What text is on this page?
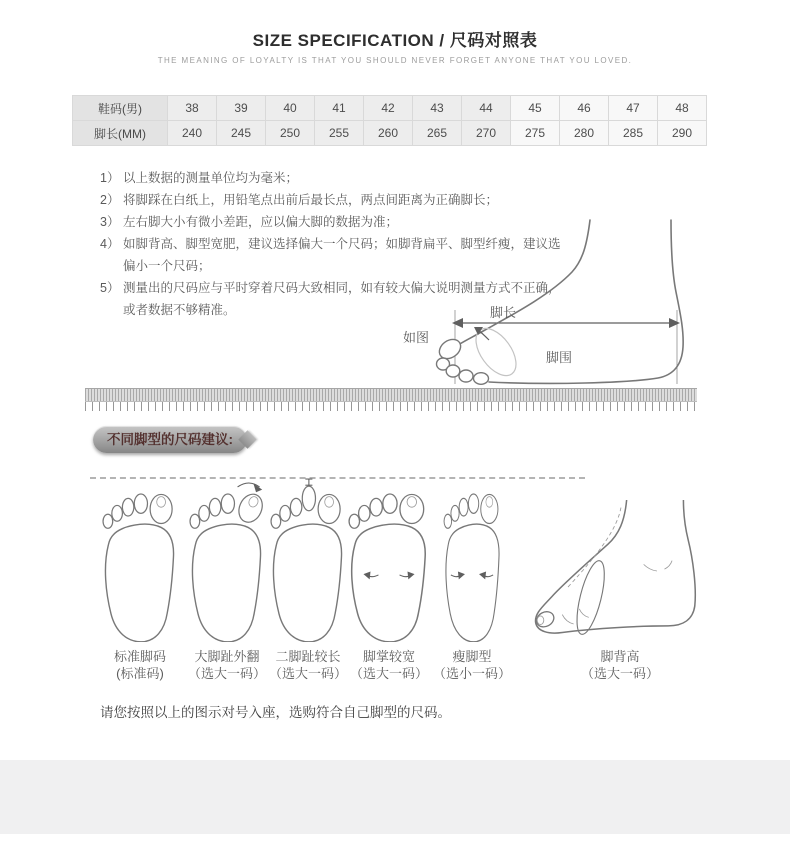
SIZE SPECIFICATION / 尺码对照表
THE MEANING OF LOYALTY IS THAT YOU SHOULD NEVER FORGET ANYONE THAT YOU LOVED.
鞋码(男)	38	39	40	41	42	43	44	45	46	47	48
脚长(MM)	240	245	250	255	260	265	270	275	280	285	290
1） 以上数据的测量单位均为毫米；
2） 将脚踩在白纸上，用铅笔点出前后最长点，两点间距离为正确脚长；
3） 左右脚大小有微小差距，应以偏大脚的数据为准；
4） 如脚背高、脚型宽肥，建议选择偏大一个尺码；如脚背扁平、脚型纤瘦，建议选偏小一个尺码；
5） 测量出的尺码应与平时穿着尺码大致相同，如有较大偏大说明测量方式不正确，或者数据不够精准。
如图
脚长
脚围
不同脚型的尺码建议:
标准脚码
(标准码)
大脚趾外翻
（选大一码）
二脚趾较长
（选大一码）
脚掌较宽
（选大一码）
瘦脚型
（选小一码）
脚背高
（选大一码）
请您按照以上的图示对号入座，选购符合自己脚型的尺码。
